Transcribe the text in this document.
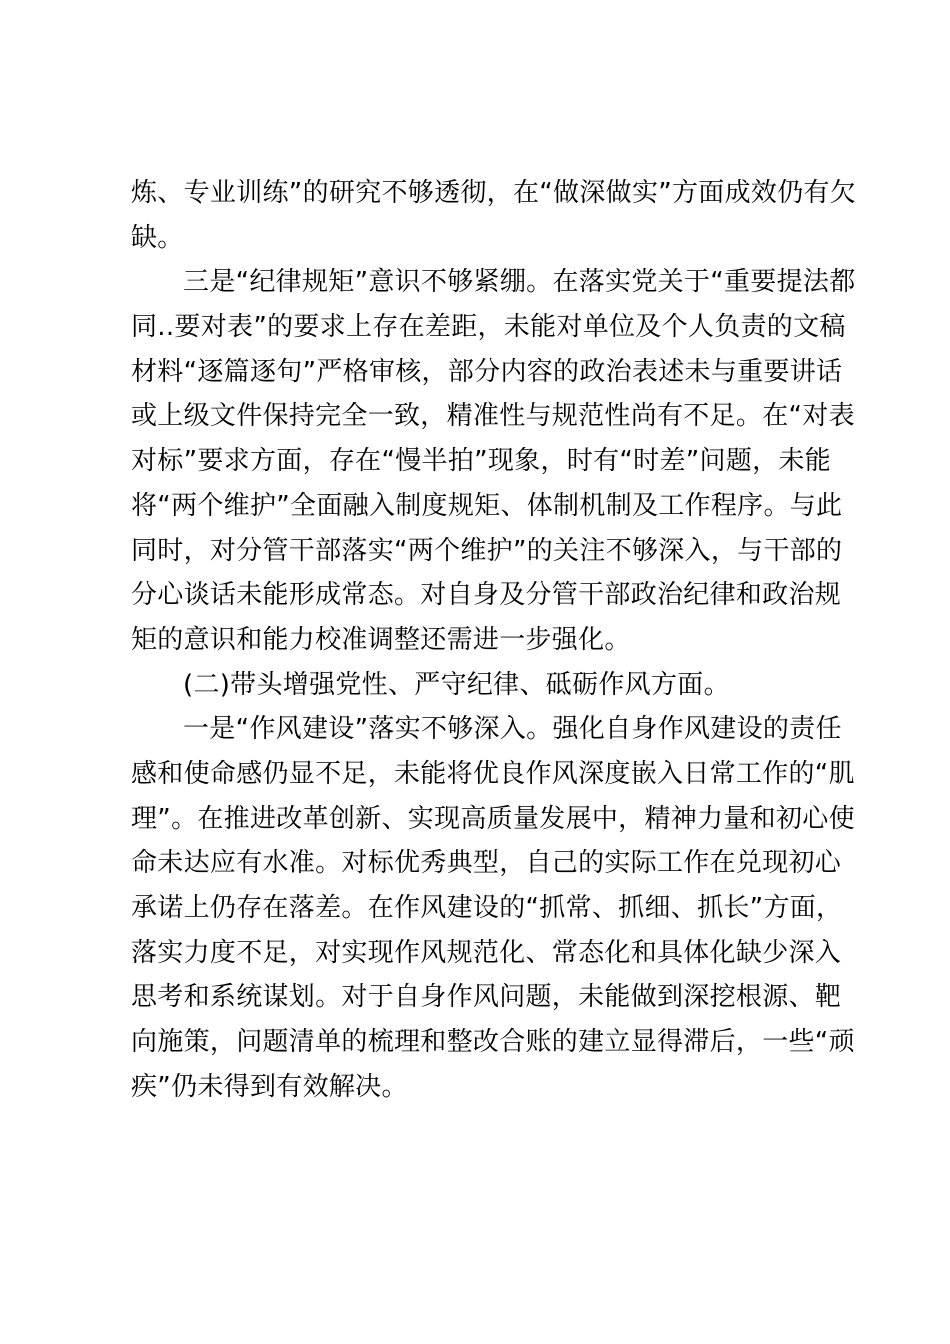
炼、专业训练”的研究不够透彻，在“做深做实”方面成效仍有欠
缺。
三是“纪律规矩”意识不够紧绷。在落实党关于“重要提法都
同..要对表”的要求上存在差距，未能对单位及个人负责的文稿
材料“逐篇逐句”严格审核，部分内容的政治表述未与重要讲话
或上级文件保持完全一致，精准性与规范性尚有不足。在“对表
对标”要求方面，存在“慢半拍”现象，时有“时差”问题，未能
将“两个维护”全面融入制度规矩、体制机制及工作程序。与此
同时，对分管干部落实“两个维护”的关注不够深入，与干部的
分心谈话未能形成常态。对自身及分管干部政治纪律和政治规
矩的意识和能力校准调整还需进一步强化。
(二)带头增强党性、严守纪律、砥砺作风方面。
一是“作风建设”落实不够深入。强化自身作风建设的责任
感和使命感仍显不足，未能将优良作风深度嵌入日常工作的“肌
理”。在推进改革创新、实现高质量发展中，精神力量和初心使
命未达应有水准。对标优秀典型，自己的实际工作在兑现初心
承诺上仍存在落差。在作风建设的“抓常、抓细、抓长”方面，
落实力度不足，对实现作风规范化、常态化和具体化缺少深入
思考和系统谋划。对于自身作风问题，未能做到深挖根源、靶
向施策，问题清单的梳理和整改合账的建立显得滞后，一些“顽
疾”仍未得到有效解决。
